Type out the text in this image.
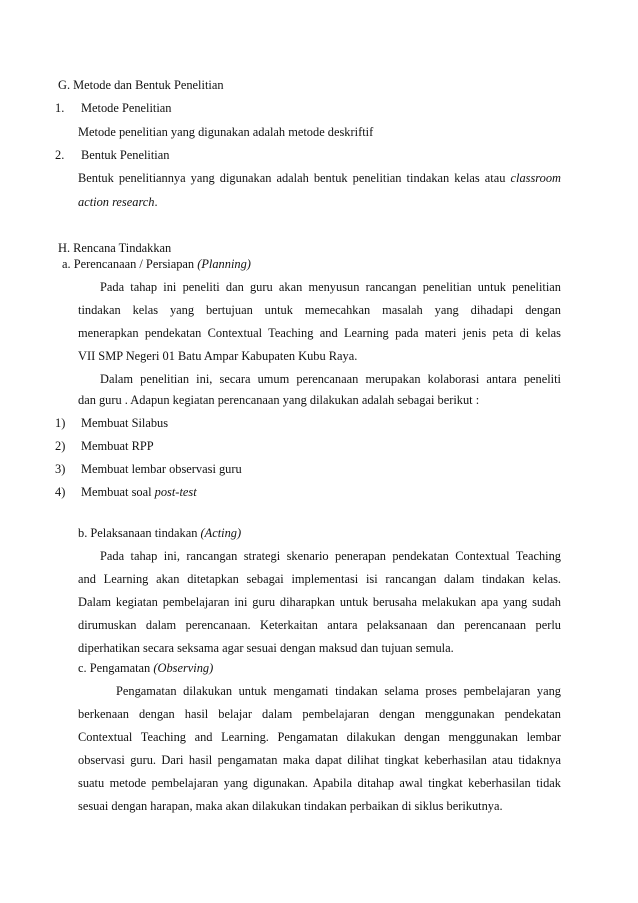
G. Metode dan Bentuk Penelitian
1. Metode Penelitian
Metode penelitian yang digunakan adalah metode deskriftif
2. Bentuk Penelitian
Bentuk penelitiannya yang digunakan adalah bentuk penelitian tindakan kelas atau classroom
action research.
H. Rencana Tindakkan
a. Perencanaan / Persiapan (Planning)
Pada tahap ini peneliti dan guru akan menyusun rancangan penelitian untuk penelitian
tindakan kelas yang bertujuan untuk memecahkan masalah yang dihadapi dengan
menerapkan pendekatan Contextual Teaching and Learning pada materi jenis peta di kelas
VII SMP Negeri 01 Batu Ampar Kabupaten Kubu Raya.
Dalam penelitian ini, secara umum perencanaan merupakan kolaborasi antara peneliti
dan guru . Adapun kegiatan perencanaan yang dilakukan adalah sebagai berikut :
1) Membuat Silabus
2) Membuat RPP
3) Membuat lembar observasi guru
4) Membuat soal post-test
b. Pelaksanaan tindakan (Acting)
Pada tahap ini, rancangan strategi skenario penerapan pendekatan Contextual Teaching
and Learning akan ditetapkan sebagai implementasi isi rancangan dalam tindakan kelas.
Dalam kegiatan pembelajaran ini guru diharapkan untuk berusaha melakukan apa yang sudah
dirumuskan dalam perencanaan. Keterkaitan antara pelaksanaan dan perencanaan perlu
diperhatikan secara seksama agar sesuai dengan maksud dan tujuan semula.
c. Pengamatan (Observing)
Pengamatan dilakukan untuk mengamati tindakan selama proses pembelajaran yang
berkenaan dengan hasil belajar dalam pembelajaran dengan menggunakan pendekatan
Contextual Teaching and Learning. Pengamatan dilakukan dengan menggunakan lembar
observasi guru. Dari hasil pengamatan maka dapat dilihat tingkat keberhasilan atau tidaknya
suatu metode pembelajaran yang digunakan. Apabila ditahap awal tingkat keberhasilan tidak
sesuai dengan harapan, maka akan dilakukan tindakan perbaikan di siklus berikutnya.
